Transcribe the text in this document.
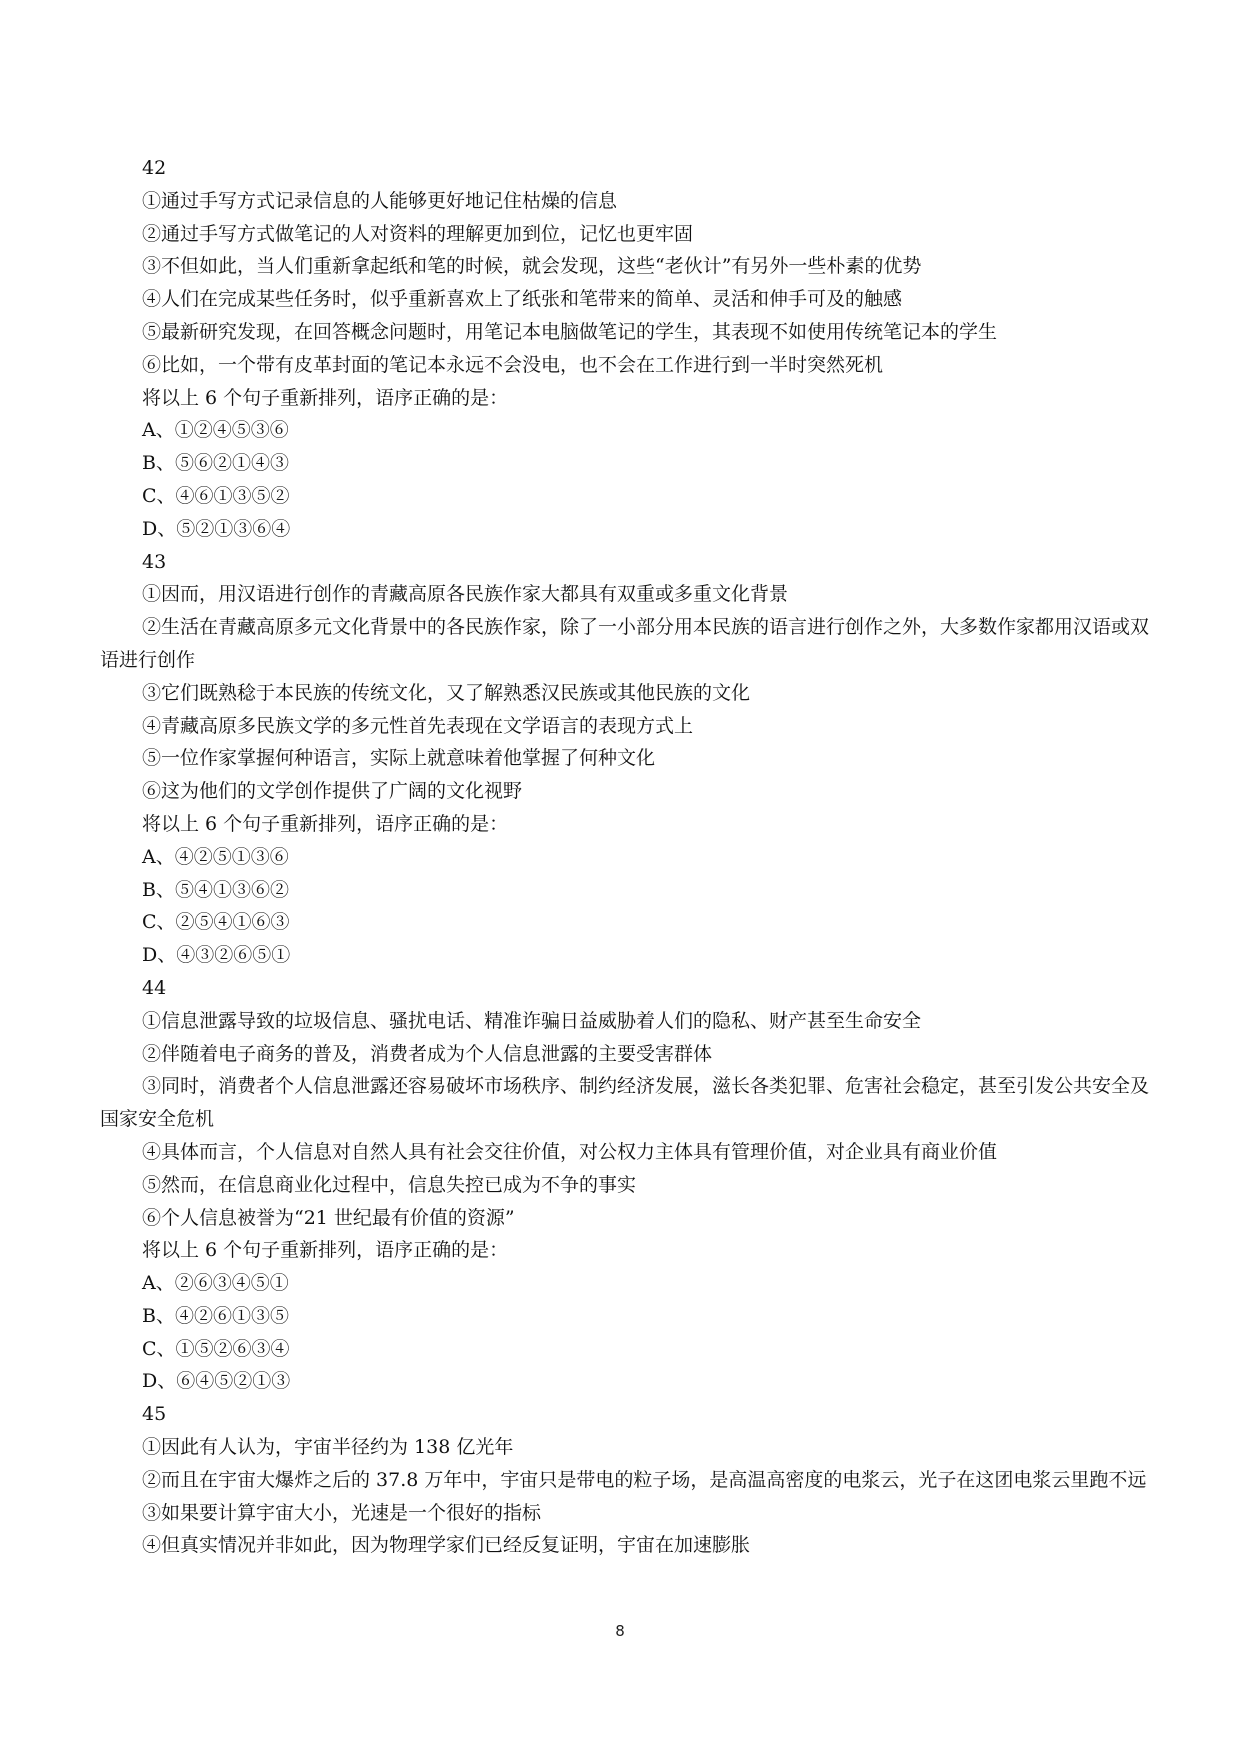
42
①通过手写方式记录信息的人能够更好地记住枯燥的信息
②通过手写方式做笔记的人对资料的理解更加到位，记忆也更牢固
③不但如此，当人们重新拿起纸和笔的时候，就会发现，这些“老伙计”有另外一些朴素的优势
④人们在完成某些任务时，似乎重新喜欢上了纸张和笔带来的简单、灵活和伸手可及的触感
⑤最新研究发现，在回答概念问题时，用笔记本电脑做笔记的学生，其表现不如使用传统笔记本的学生
⑥比如，一个带有皮革封面的笔记本永远不会没电，也不会在工作进行到一半时突然死机
将以上 6 个句子重新排列，语序正确的是：
A、①②④⑤③⑥
B、⑤⑥②①④③
C、④⑥①③⑤②
D、⑤②①③⑥④
43
①因而，用汉语进行创作的青藏高原各民族作家大都具有双重或多重文化背景
②生活在青藏高原多元文化背景中的各民族作家，除了一小部分用本民族的语言进行创作之外，大多数作家都用汉语或双语进行创作
③它们既熟稔于本民族的传统文化，又了解熟悉汉民族或其他民族的文化
④青藏高原多民族文学的多元性首先表现在文学语言的表现方式上
⑤一位作家掌握何种语言，实际上就意味着他掌握了何种文化
⑥这为他们的文学创作提供了广阔的文化视野
将以上 6 个句子重新排列，语序正确的是：
A、④②⑤①③⑥
B、⑤④①③⑥②
C、②⑤④①⑥③
D、④③②⑥⑤①
44
①信息泄露导致的垃圾信息、骚扰电话、精准诈骗日益威胁着人们的隐私、财产甚至生命安全
②伴随着电子商务的普及，消费者成为个人信息泄露的主要受害群体
③同时，消费者个人信息泄露还容易破坏市场秩序、制约经济发展，滋长各类犯罪、危害社会稳定，甚至引发公共安全及国家安全危机
④具体而言，个人信息对自然人具有社会交往价值，对公权力主体具有管理价值，对企业具有商业价值
⑤然而，在信息商业化过程中，信息失控已成为不争的事实
⑥个人信息被誉为“21 世纪最有价值的资源”
将以上 6 个句子重新排列，语序正确的是：
A、②⑥③④⑤①
B、④②⑥①③⑤
C、①⑤②⑥③④
D、⑥④⑤②①③
45
①因此有人认为，宇宙半径约为 138 亿光年
②而且在宇宙大爆炸之后的 37.8 万年中，宇宙只是带电的粒子场，是高温高密度的电浆云，光子在这团电浆云里跑不远
③如果要计算宇宙大小，光速是一个很好的指标
④但真实情况并非如此，因为物理学家们已经反复证明，宇宙在加速膨胀
8
